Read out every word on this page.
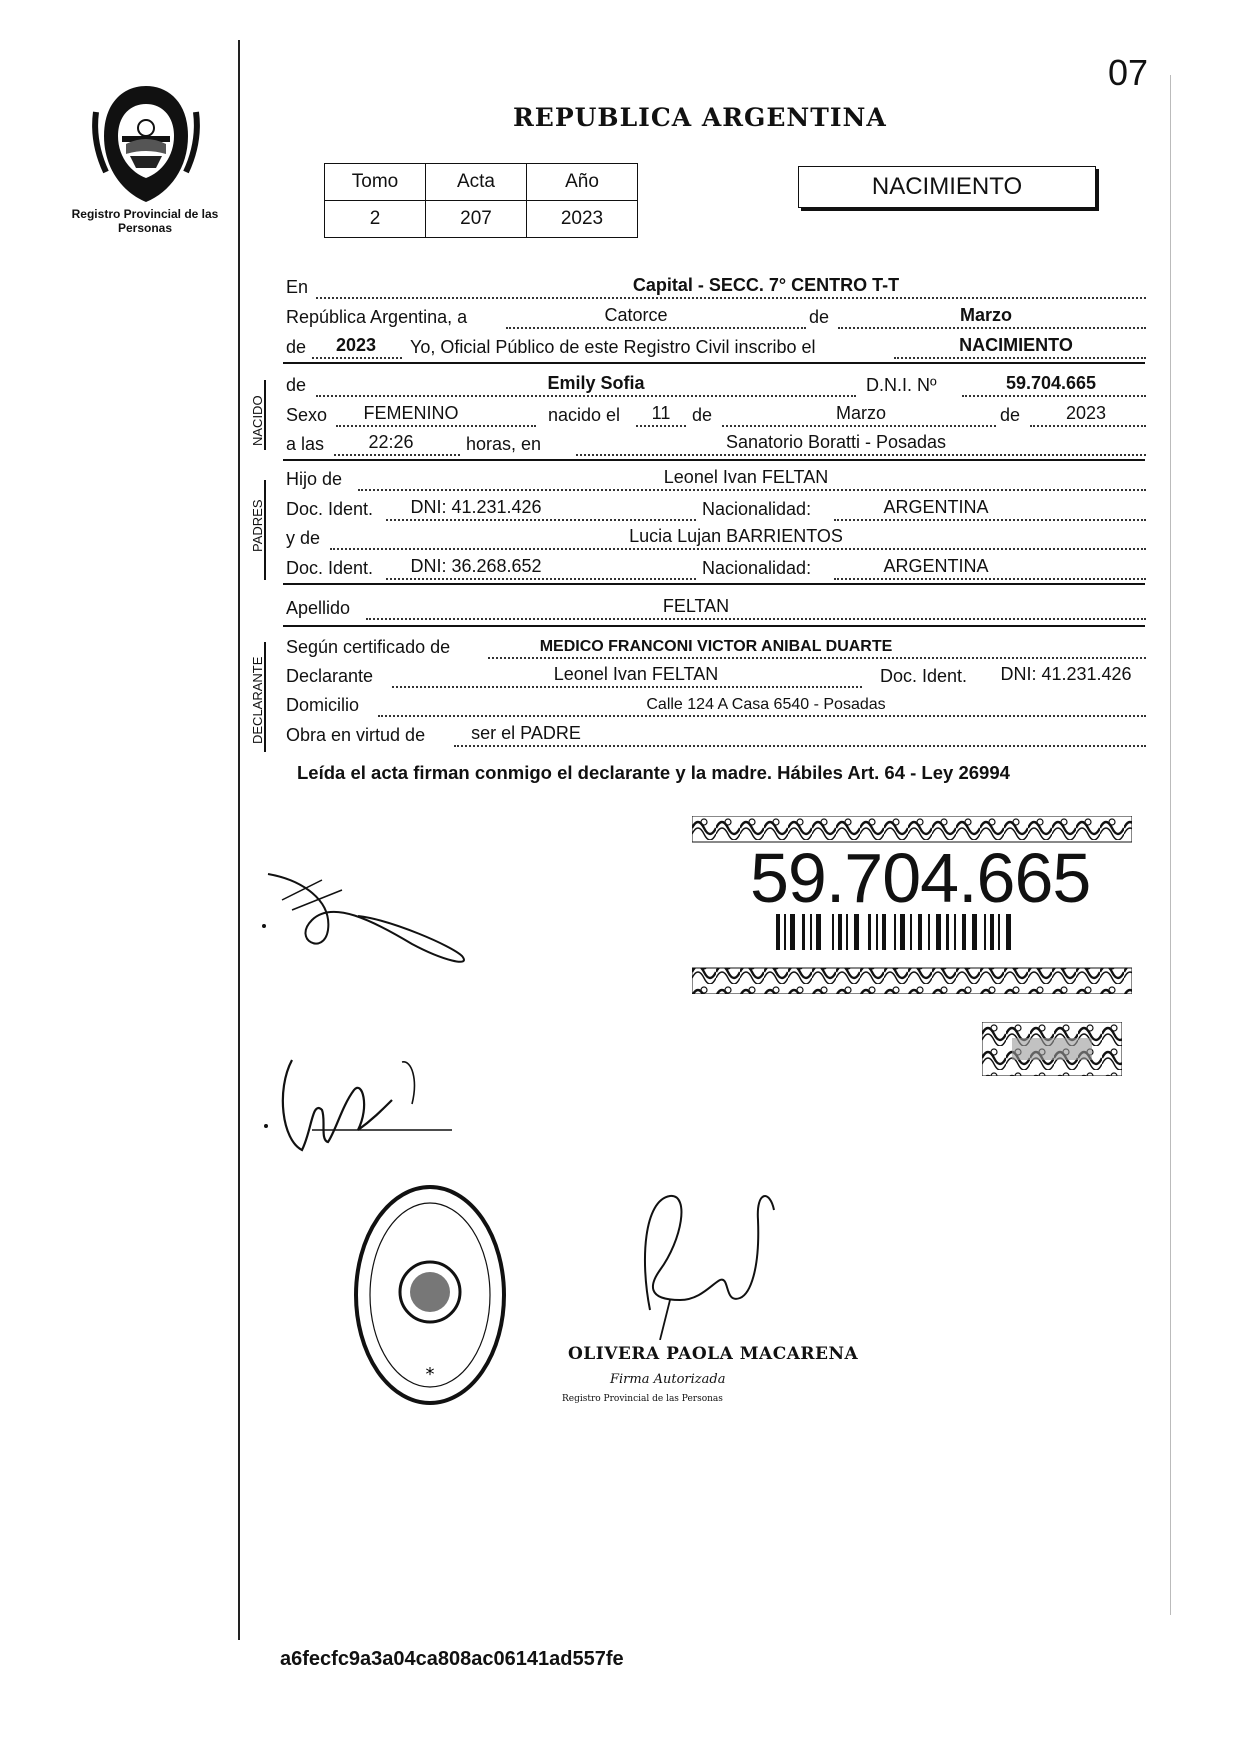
07
Registro Provincial de las Personas
REPUBLICA ARGENTINA
Tomo	Acta	Año
2	207	2023
NACIMIENTO
En	Capital - SECC. 7° CENTRO T-T
República Argentina, a	Catorce	de	Marzo
de	2023	Yo, Oficial Público de este Registro Civil inscribo el	NACIMIENTO
NACIDO
de	Emily Sofia	D.N.I. Nº	59.704.665
Sexo	FEMENINO	nacido el	11	de	Marzo	de	2023
a las	22:26	horas, en	Sanatorio Boratti - Posadas
PADRES
Hijo de	Leonel Ivan FELTAN
Doc. Ident.	DNI: 41.231.426	Nacionalidad:	ARGENTINA
y de	Lucia Lujan BARRIENTOS
Doc. Ident.	DNI: 36.268.652	Nacionalidad:	ARGENTINA
Apellido	FELTAN
DECLARANTE
Según certificado de	MEDICO FRANCONI VICTOR ANIBAL DUARTE
Declarante	Leonel Ivan FELTAN	Doc. Ident.	DNI: 41.231.426
Domicilio	Calle 124 A Casa 6540 - Posadas
Obra en virtud de	ser el PADRE
Leída el acta firman conmigo el declarante y la madre. Hábiles Art. 64 - Ley 26994
59.704.665
*
OLIVERA PAOLA MACARENA
Firma Autorizada
Registro Provincial de las Personas
a6fecfc9a3a04ca808ac06141ad557fe
